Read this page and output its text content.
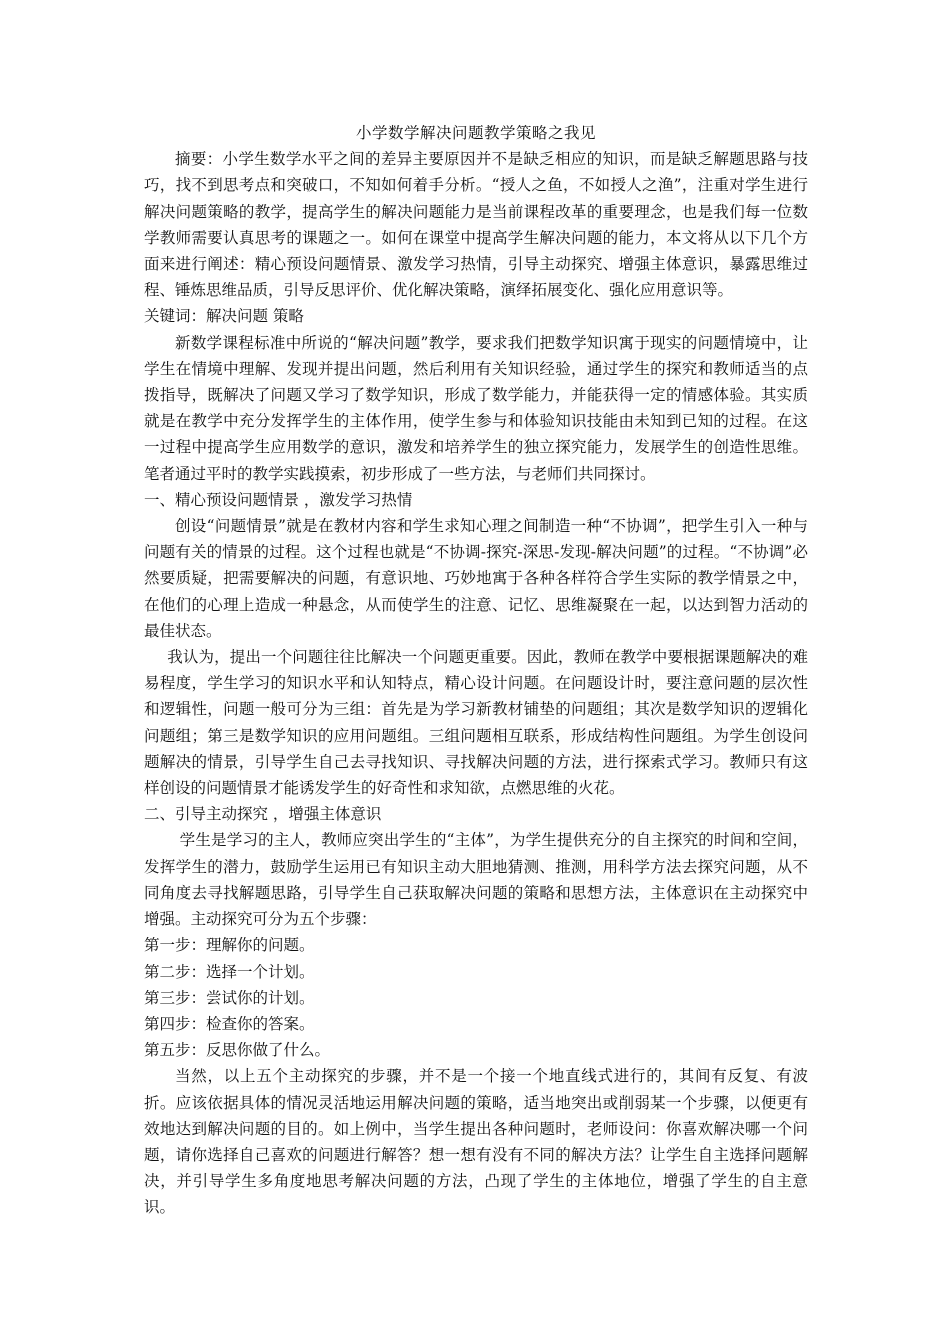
小学数学解决问题教学策略之我见

摘要：小学生数学水平之间的差异主要原因并不是缺乏相应的知识，而是缺乏解题思路与技巧，找不到思考点和突破口，不知如何着手分析。“授人之鱼，不如授人之渔”，注重对学生进行解决问题策略的教学，提高学生的解决问题能力是当前课程改革的重要理念，也是我们每一位数学教师需要认真思考的课题之一。如何在课堂中提高学生解决问题的能力，本文将从以下几个方面来进行阐述：精心预设问题情景、激发学习热情，引导主动探究、增强主体意识，暴露思维过程、锤炼思维品质，引导反思评价、优化解决策略，演绎拓展变化、强化应用意识等。

关键词：解决问题 策略

新数学课程标准中所说的“解决问题”教学，要求我们把数学知识寓于现实的问题情境中，让学生在情境中理解、发现并提出问题，然后利用有关知识经验，通过学生的探究和教师适当的点拨指导，既解决了问题又学习了数学知识，形成了数学能力，并能获得一定的情感体验。其实质就是在教学中充分发挥学生的主体作用，使学生参与和体验知识技能由未知到已知的过程。在这一过程中提高学生应用数学的意识，激发和培养学生的独立探究能力，发展学生的创造性思维。笔者通过平时的教学实践摸索，初步形成了一些方法，与老师们共同探讨。

一、精心预设问题情景 ，激发学习热情

创设“问题情景”就是在教材内容和学生求知心理之间制造一种“不协调”，把学生引入一种与问题有关的情景的过程。这个过程也就是“不协调-探究-深思-发现-解决问题”的过程。“不协调”必然要质疑，把需要解决的问题，有意识地、巧妙地寓于各种各样符合学生实际的教学情景之中，在他们的心理上造成一种悬念，从而使学生的注意、记忆、思维凝聚在一起，以达到智力活动的最佳状态。

我认为，提出一个问题往往比解决一个问题更重要。因此，教师在教学中要根据课题解决的难易程度，学生学习的知识水平和认知特点，精心设计问题。在问题设计时，要注意问题的层次性和逻辑性，问题一般可分为三组：首先是为学习新教材铺垫的问题组；其次是数学知识的逻辑化问题组；第三是数学知识的应用问题组。三组问题相互联系，形成结构性问题组。为学生创设问题解决的情景，引导学生自己去寻找知识、寻找解决问题的方法，进行探索式学习。教师只有这样创设的问题情景才能诱发学生的好奇性和求知欲，点燃思维的火花。

二、引导主动探究 ，增强主体意识

学生是学习的主人，教师应突出学生的“主体”，为学生提供充分的自主探究的时间和空间，发挥学生的潜力，鼓励学生运用已有知识主动大胆地猜测、推测，用科学方法去探究问题，从不同角度去寻找解题思路，引导学生自己获取解决问题的策略和思想方法，主体意识在主动探究中增强。主动探究可分为五个步骤：

第一步：理解你的问题。

第二步：选择一个计划。

第三步：尝试你的计划。

第四步：检查你的答案。

第五步：反思你做了什么。

当然，以上五个主动探究的步骤，并不是一个接一个地直线式进行的，其间有反复、有波折。应该依据具体的情况灵活地运用解决问题的策略，适当地突出或削弱某一个步骤，以便更有效地达到解决问题的目的。如上例中，当学生提出各种问题时，老师设问：你喜欢解决哪一个问题，请你选择自己喜欢的问题进行解答？想一想有没有不同的解决方法？让学生自主选择问题解决，并引导学生多角度地思考解决问题的方法，凸现了学生的主体地位，增强了学生的自主意识。
